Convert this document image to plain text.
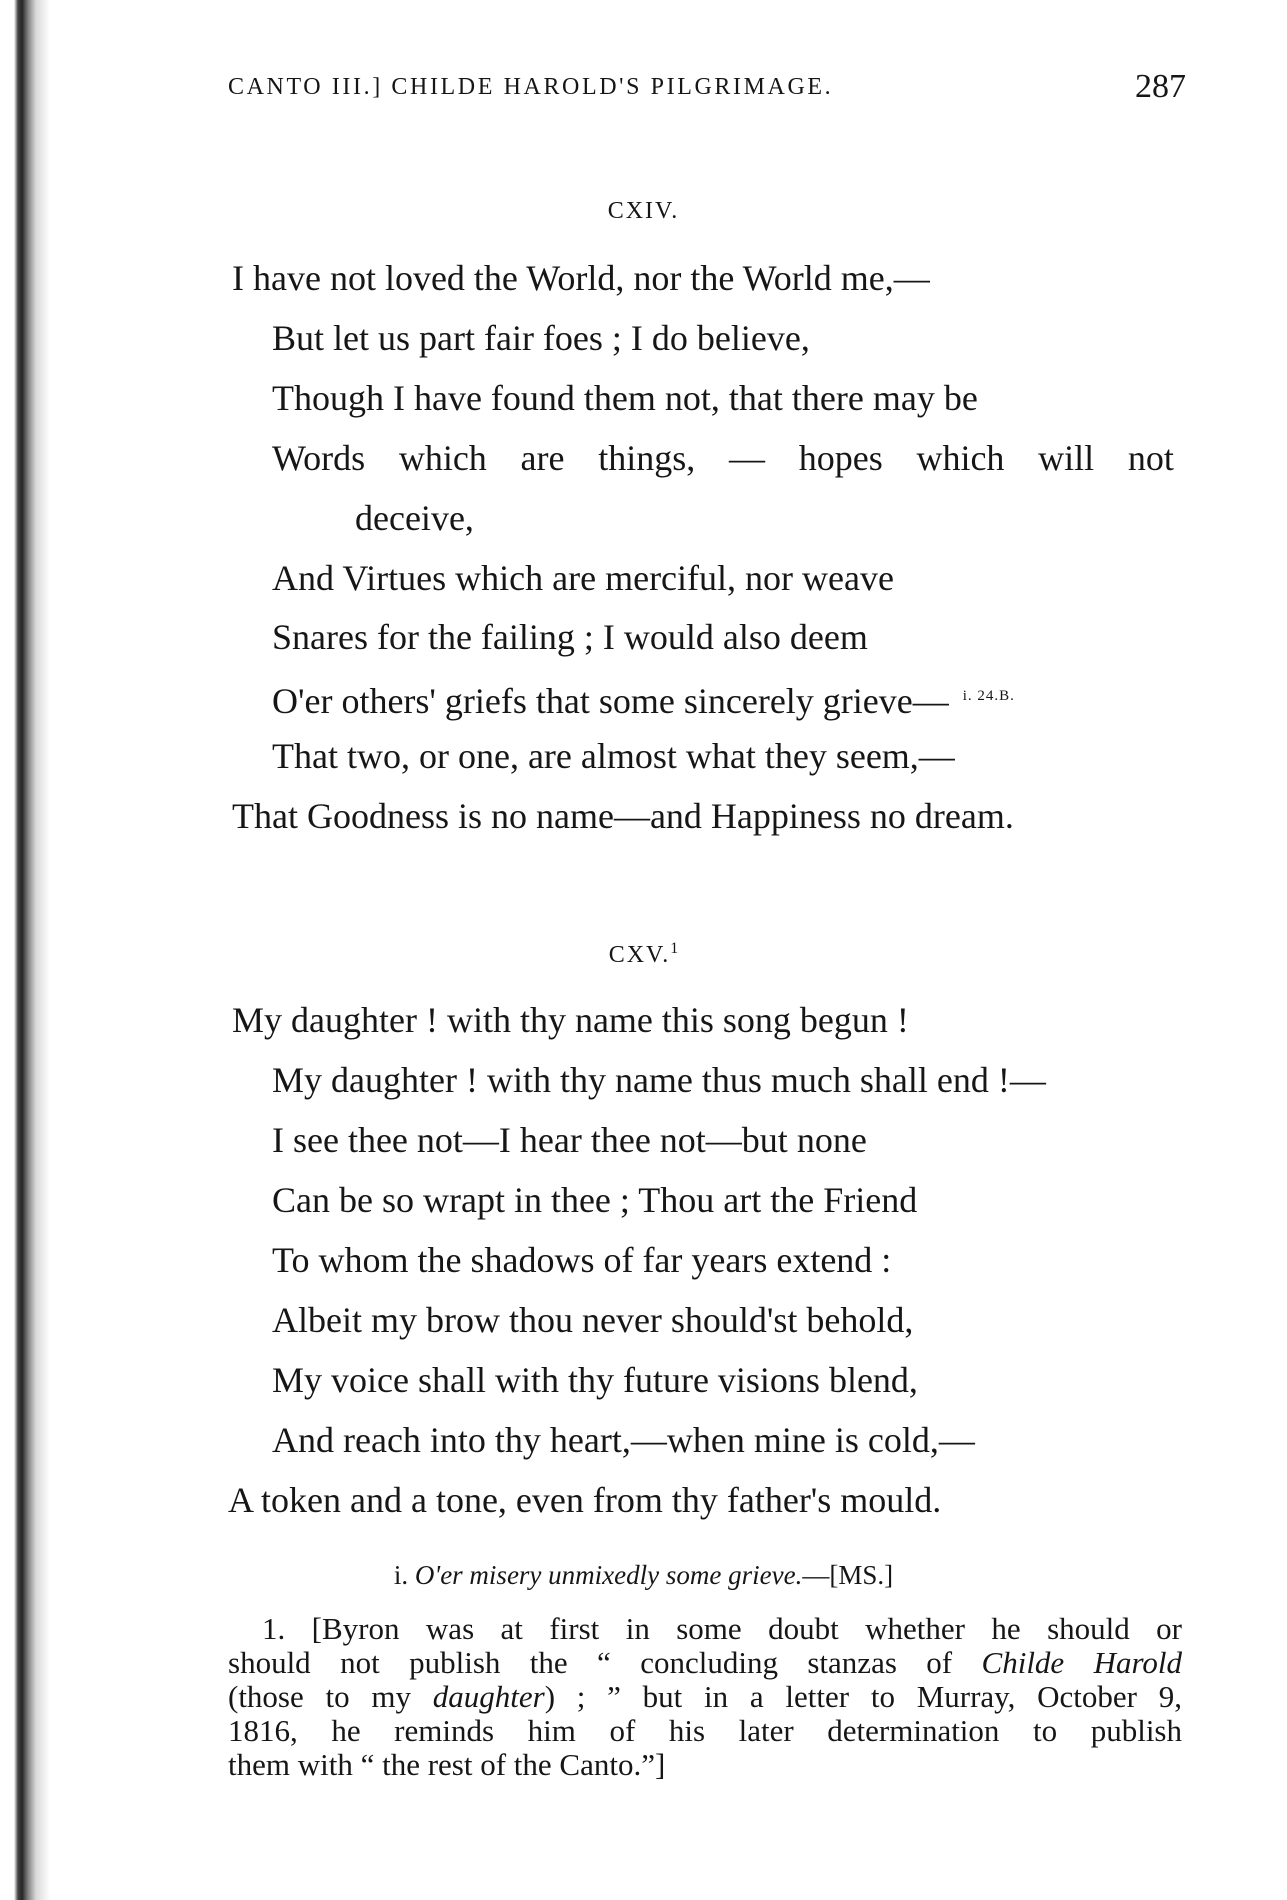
CANTO III.] CHILDE HAROLD'S PILGRIMAGE.	287
CXIV.
I have not loved the World, nor the World me,—
But let us part fair foes ; I do believe,
Though I have found them not, that there may be
Words which are things, — hopes which will not
deceive,
And Virtues which are merciful, nor weave
Snares for the failing ; I would also deem
O'er others' griefs that some sincerely grieve— $^{i. 24.B.}$
That two, or one, are almost what they seem,—
That Goodness is no name—and Happiness no dream.
CXV.$^1$
My daughter ! with thy name this song begun !
My daughter ! with thy name thus much shall end !—
I see thee not—I hear thee not—but none
Can be so wrapt in thee ; Thou art the Friend
To whom the shadows of far years extend :
Albeit my brow thou never should'st behold,
My voice shall with thy future visions blend,
And reach into thy heart,—when mine is cold,—
A token and a tone, even from thy father's mould.
i. O'er misery unmixedly some grieve.—[MS.]
1. [Byron was at first in some doubt whether he should or
should not publish the “ concluding stanzas of Childe Harold
(those to my daughter) ; ” but in a letter to Murray, October 9,
1816, he reminds him of his later determination to publish
them with “ the rest of the Canto.”]
